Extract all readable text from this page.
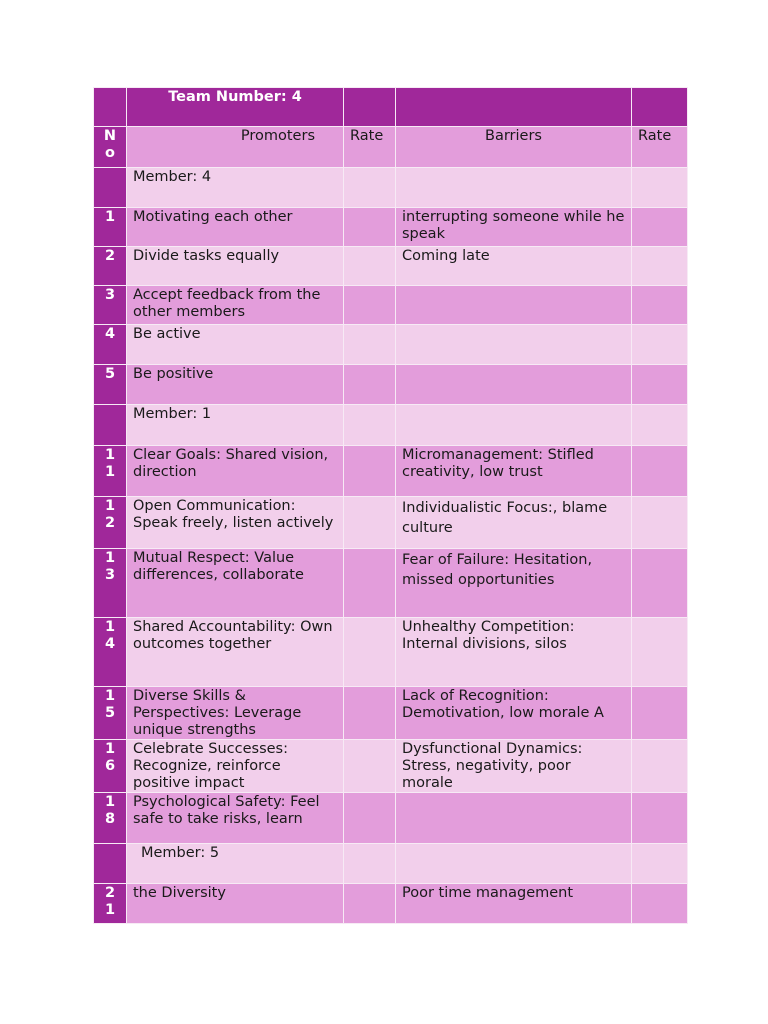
	Team Number: 4			
No	Promoters	Rate	Barriers	Rate
	Member: 4			
1	Motivating each other		interrupting someone while he speak	
2	Divide tasks equally		Coming late	
3	Accept feedback from the other members			
4	Be active			
5	Be positive			
	Member: 1			
11	Clear Goals: Shared vision, direction		Micromanagement: Stifled creativity, low trust	
12	Open Communication: Speak freely, listen actively		Individualistic Focus:, blame culture	
13	Mutual Respect: Value differences, collaborate		Fear of Failure: Hesitation, missed opportunities	
14	Shared Accountability: Own outcomes together		Unhealthy Competition: Internal divisions, silos	
15	Diverse Skills & Perspectives: Leverage unique strengths		Lack of Recognition: Demotivation, low morale A	
16	Celebrate Successes: Recognize, reinforce positive impact		Dysfunctional Dynamics: Stress, negativity, poor morale	
18	Psychological Safety: Feel safe to take risks, learn			
	Member: 5			
21	the Diversity		Poor time management	
